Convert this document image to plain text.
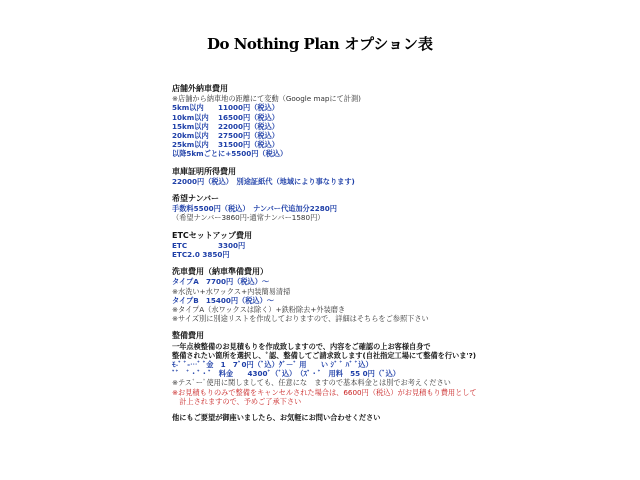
Do Nothing Plan オプション表
店舗外納車費用
※店舗から納車地の距離にて変動（Google mapにて計測)
5km以内 11000円（税込）
10km以内 16500円（税込）
15km以内 22000円（税込）
20km以内 27500円（税込）
25km以内 31500円（税込）
以降5kmごとに+5500円（税込）
車庫証明所得費用
22000円（税込）　別途証紙代（地域により事なります)
希望ナンバー
手数料5500円（税込）　ナンバー代追加分2280円
（希望ナンバー3860円-通常ナンバー1580円）
ETCセットアップ費用
ETC	3300円
ETC2.0 3850円
洗車費用（納車準備費用）
タイプA　7700円（税込）～
※水洗い+水ワックス+内装簡易清掃
タイプB　15400円（税込）～
※タイプA（水ワックスは除く）+鉄粉除去+外装磨き
※サイズ別に別途リストを作成しておりますので、詳細はそちらをご参照下さい
整備費用
一年点検整備のお見積もりを作成致しますので、内容をご確認の上お客様自身で
整備されたい箇所を選択し、ﾟ認、整備してご請求致します(自社指定工場にて整備を行いま'?)
ﾓ-ﾞ ﾞ-…ﾞ ﾞ金　1　7ﾞ0円（ﾞ込）ｸﾞ－ﾞ 用　　い ｼﾞ ﾞ ﾊﾞ ﾞ込）
ﾞﾞ　ﾞ・ﾞ・ﾞ　料金　　4300ﾞ（ﾞ込）　（ｽﾞ・ﾞ　用料　55 0円（ﾞ込）
※テスﾞーﾞ使用に関しましても、任意にな　ますので基本料金とは別でお考えください
※お見積もりのみで整備をキャンセルされた場合は、6600円（税込）がお見積もり費用として
　計上されますので、予めご了承下さい
他にもご要望が御座いましたら、お気軽にお問い合わせください
